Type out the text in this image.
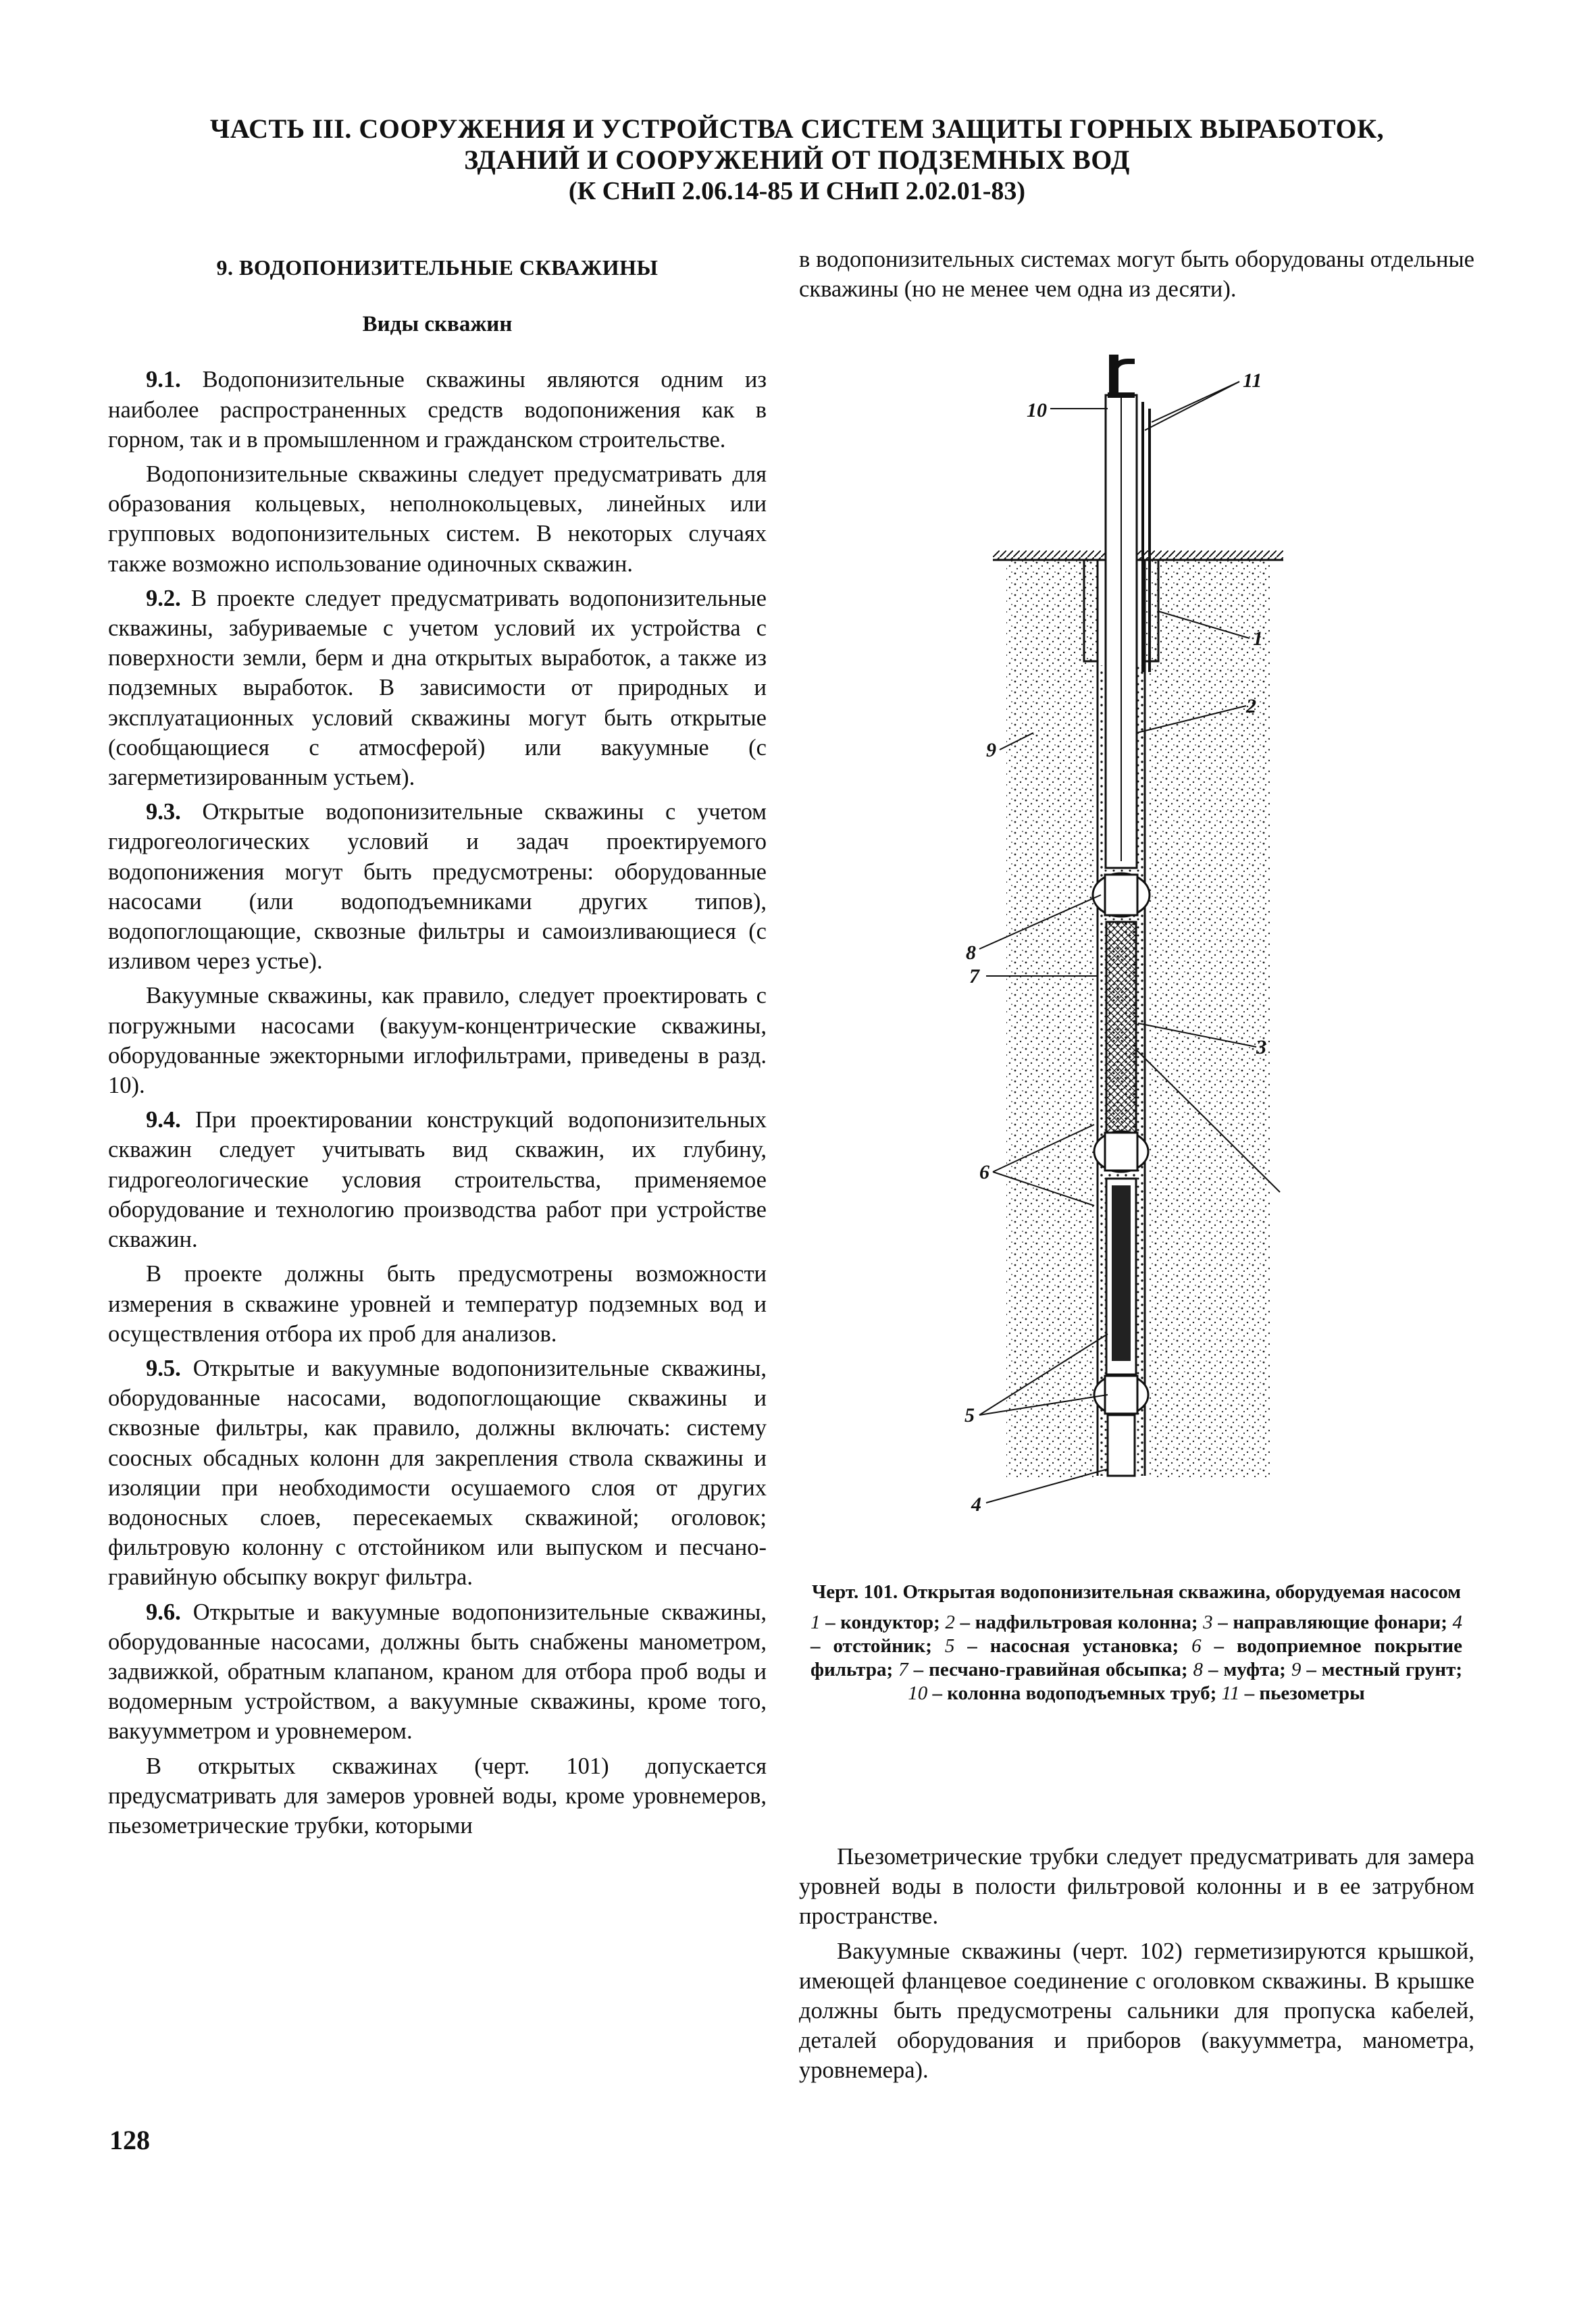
ЧАСТЬ III. СООРУЖЕНИЯ И УСТРОЙСТВА СИСТЕМ ЗАЩИТЫ ГОРНЫХ ВЫРАБОТОК,
ЗДАНИЙ И СООРУЖЕНИЙ ОТ ПОДЗЕМНЫХ ВОД
(К СНиП 2.06.14-85 И СНиП 2.02.01-83)
9. ВОДОПОНИЗИТЕЛЬНЫЕ СКВАЖИНЫ
Виды скважин

9.1. Водопонизительные скважины являются одним из наиболее распространенных средств водопонижения как в горном, так и в промышленном и гражданском строительстве.

Водопонизительные скважины следует предусматривать для образования кольцевых, неполнокольцевых, линейных или групповых водопонизительных систем. В некоторых случаях также возможно использование одиночных скважин.

9.2. В проекте следует предусматривать водопонизительные скважины, забуриваемые с учетом условий их устройства с поверхности земли, берм и дна открытых выработок, а также из подземных выработок. В зависимости от природных и эксплуатационных условий скважины могут быть открытые (сообщающиеся с атмосферой) или вакуумные (с загерметизированным устьем).

9.3. Открытые водопонизительные скважины с учетом гидрогеологических условий и задач проектируемого водопонижения могут быть предусмотрены: оборудованные насосами (или водоподъемниками других типов), водопоглощающие, сквозные фильтры и самоизливающиеся (с изливом через устье).

Вакуумные скважины, как правило, следует проектировать с погружными насосами (вакуум-концентрические скважины, оборудованные эжекторными иглофильтрами, приведены в разд. 10).

9.4. При проектировании конструкций водопонизительных скважин следует учитывать вид скважин, их глубину, гидрогеологические условия строительства, применяемое оборудование и технологию производства работ при устройстве скважин.

В проекте должны быть предусмотрены возможности измерения в скважине уровней и температур подземных вод и осуществления отбора их проб для анализов.

9.5. Открытые и вакуумные водопонизительные скважины, оборудованные насосами, водопоглощающие скважины и сквозные фильтры, как правило, должны включать: систему соосных обсадных колонн для закрепления ствола скважины и изоляции при необходимости осушаемого слоя от других водоносных слоев, пересекаемых скважиной; оголовок; фильтровую колонну с отстойником или выпуском и песчано-гравийную обсыпку вокруг фильтра.

9.6. Открытые и вакуумные водопонизительные скважины, оборудованные насосами, должны быть снабжены манометром, задвижкой, обратным клапаном, краном для отбора проб воды и водомерным устройством, а вакуумные скважины, кроме того, вакуумметром и уровнемером.

В открытых скважинах (черт. 101) допускается предусматривать для замеров уровней воды, кроме уровнемеров, пьезометрические трубки, которыми

в водопонизительных системах могут быть оборудованы отдельные скважины (но не менее чем одна из десяти).

10
11
1
2
9
8
3
7
6
5
4
Черт. 101. Открытая водопонизительная скважина, оборудуемая насосом
1 – кондуктор; 2 – надфильтровая колонна; 3 – направляющие фонари; 4 – отстойник; 5 – насосная установка; 6 – водоприемное покрытие фильтра; 7 – песчано-гравийная обсыпка; 8 – муфта; 9 – местный грунт; 10 – колонна водоподъемных труб; 11 – пьезометры

Пьезометрические трубки следует предусматривать для замера уровней воды в полости фильтровой колонны и в ее затрубном пространстве.

Вакуумные скважины (черт. 102) герметизируются крышкой, имеющей фланцевое соединение с оголовком скважины. В крышке должны быть предусмотрены сальники для пропуска кабелей, деталей оборудования и приборов (вакуумметра, манометра, уровнемера).

128
